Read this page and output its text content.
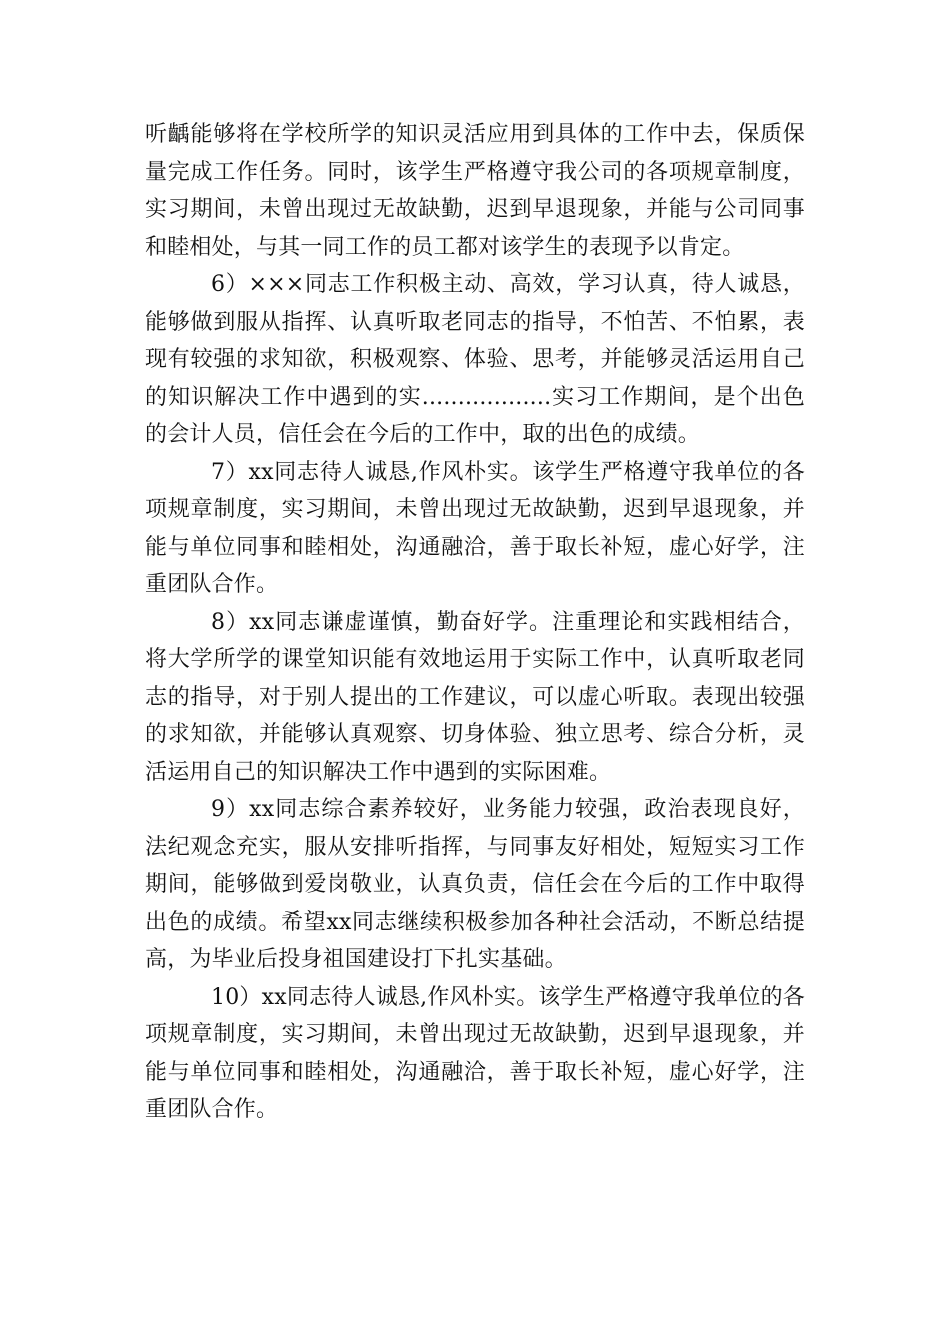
听齲能够将在学校所学的知识灵活应用到具体的工作中去，保质保量完成工作任务。同时，该学生严格遵守我公司的各项规章制度，实习期间，未曾出现过无故缺勤，迟到早退现象，并能与公司同事和睦相处，与其一同工作的员工都对该学生的表现予以肯定。

6）×××同志工作积极主动、高效，学习认真，待人诚恳，能够做到服从指挥、认真听取老同志的指导，不怕苦、不怕累，表现有较强的求知欲，积极观察、体验、思考，并能够灵活运用自己的知识解决工作中遇到的实..................实习工作期间，是个出色的会计人员，信任会在今后的工作中，取的出色的成绩。

7）xx同志待人诚恳,作风朴实。该学生严格遵守我单位的各项规章制度，实习期间，未曾出现过无故缺勤，迟到早退现象，并能与单位同事和睦相处，沟通融洽，善于取长补短，虚心好学，注重团队合作。

8）xx同志谦虚谨慎，勤奋好学。注重理论和实践相结合，将大学所学的课堂知识能有效地运用于实际工作中，认真听取老同志的指导，对于别人提出的工作建议，可以虚心听取。表现出较强的求知欲，并能够认真观察、切身体验、独立思考、综合分析，灵活运用自己的知识解决工作中遇到的实际困难。

9）xx同志综合素养较好，业务能力较强，政治表现良好，法纪观念充实，服从安排听指挥，与同事友好相处，短短实习工作期间，能够做到爱岗敬业，认真负责，信任会在今后的工作中取得出色的成绩。希望xx同志继续积极参加各种社会活动，不断总结提高，为毕业后投身祖国建设打下扎实基础。

10）xx同志待人诚恳,作风朴实。该学生严格遵守我单位的各项规章制度，实习期间，未曾出现过无故缺勤，迟到早退现象，并能与单位同事和睦相处，沟通融洽，善于取长补短，虚心好学，注重团队合作。
